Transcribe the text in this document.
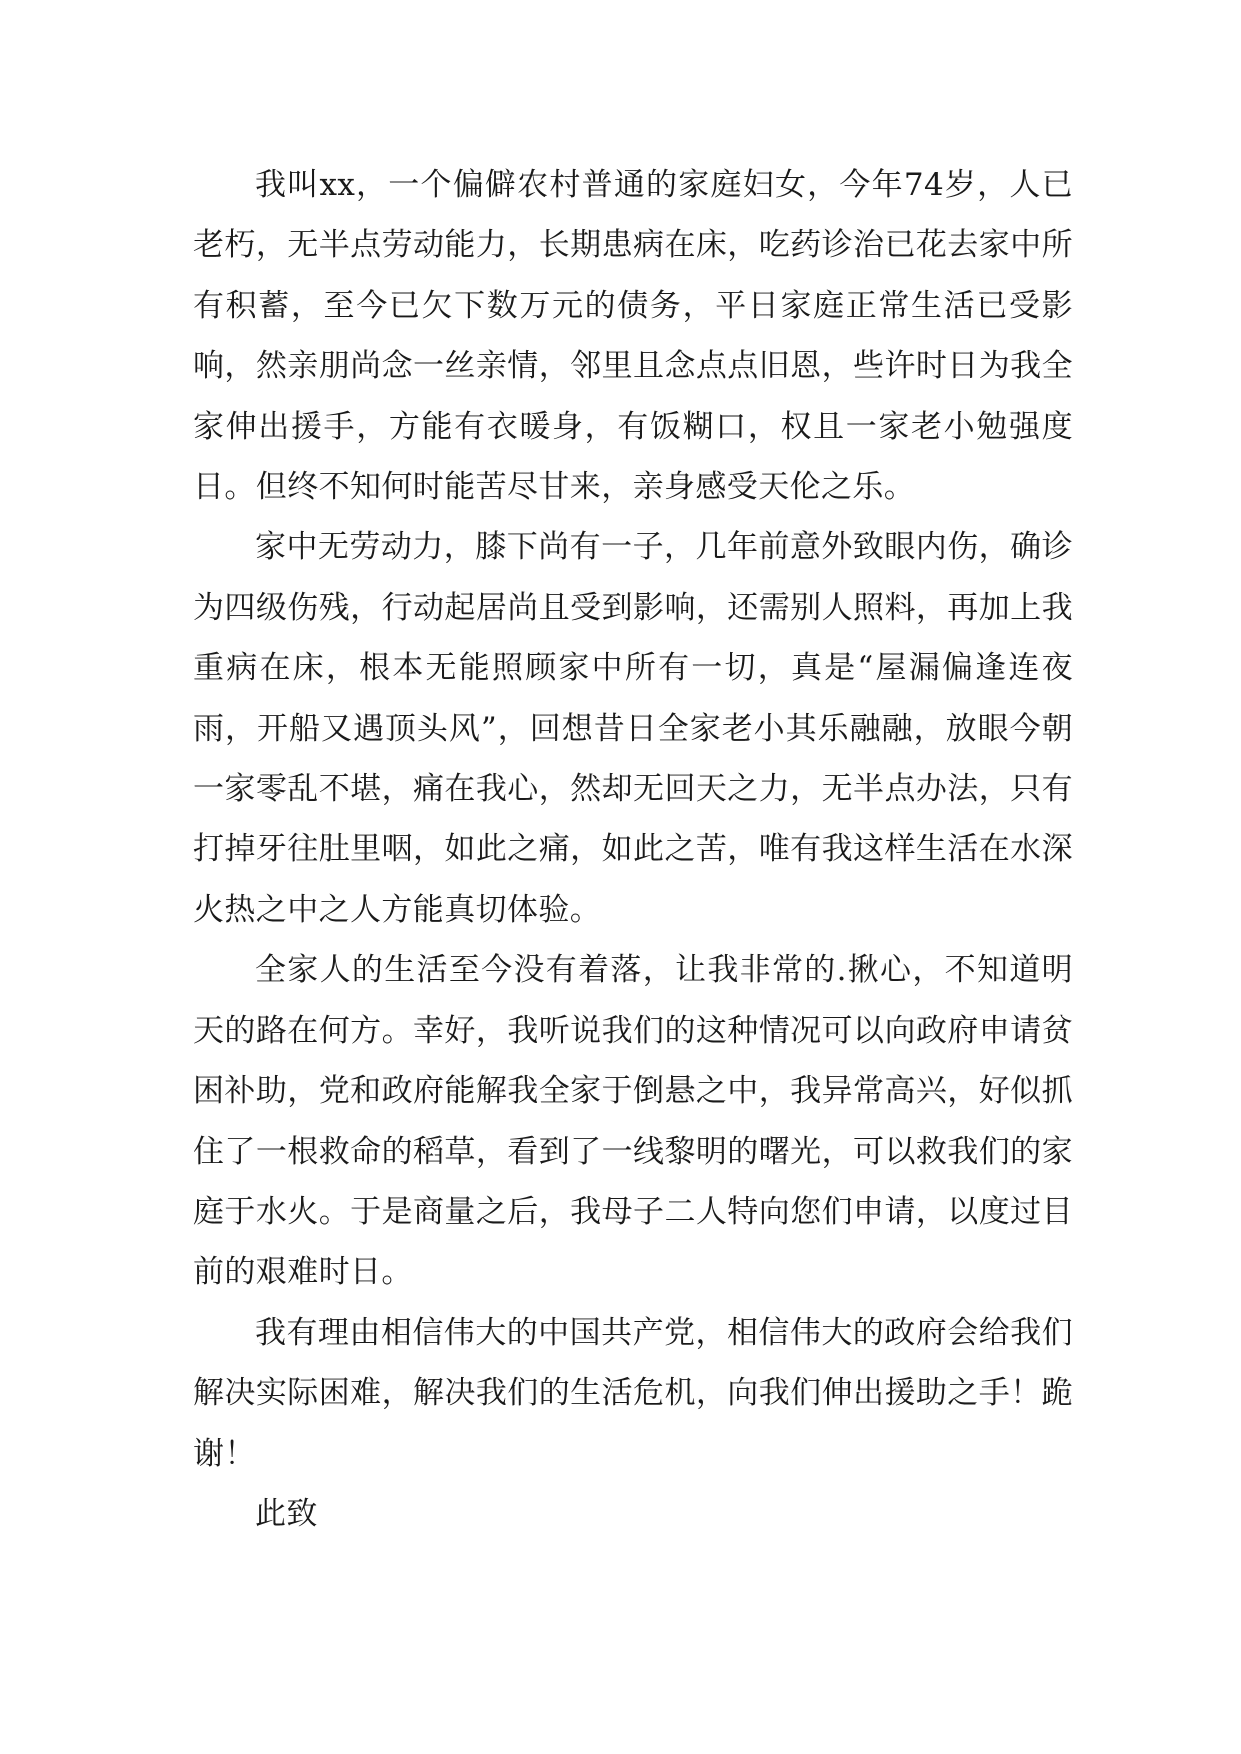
我叫xx，一个偏僻农村普通的家庭妇女，今年74岁，人已老朽，无半点劳动能力，长期患病在床，吃药诊治已花去家中所有积蓄，至今已欠下数万元的债务，平日家庭正常生活已受影响，然亲朋尚念一丝亲情，邻里且念点点旧恩，些许时日为我全家伸出援手，方能有衣暖身，有饭糊口，权且一家老小勉强度日。但终不知何时能苦尽甘来，亲身感受天伦之乐。

家中无劳动力，膝下尚有一子，几年前意外致眼内伤，确诊为四级伤残，行动起居尚且受到影响，还需别人照料，再加上我重病在床，根本无能照顾家中所有一切，真是“屋漏偏逢连夜雨，开船又遇顶头风”，回想昔日全家老小其乐融融，放眼今朝一家零乱不堪，痛在我心，然却无回天之力，无半点办法，只有打掉牙往肚里咽，如此之痛，如此之苦，唯有我这样生活在水深火热之中之人方能真切体验。

全家人的生活至今没有着落，让我非常的.揪心，不知道明天的路在何方。幸好，我听说我们的这种情况可以向政府申请贫困补助，党和政府能解我全家于倒悬之中，我异常高兴，好似抓住了一根救命的稻草，看到了一线黎明的曙光，可以救我们的家庭于水火。于是商量之后，我母子二人特向您们申请，以度过目前的艰难时日。

我有理由相信伟大的中国共产党，相信伟大的政府会给我们解决实际困难，解决我们的生活危机，向我们伸出援助之手！跪谢！

此致
